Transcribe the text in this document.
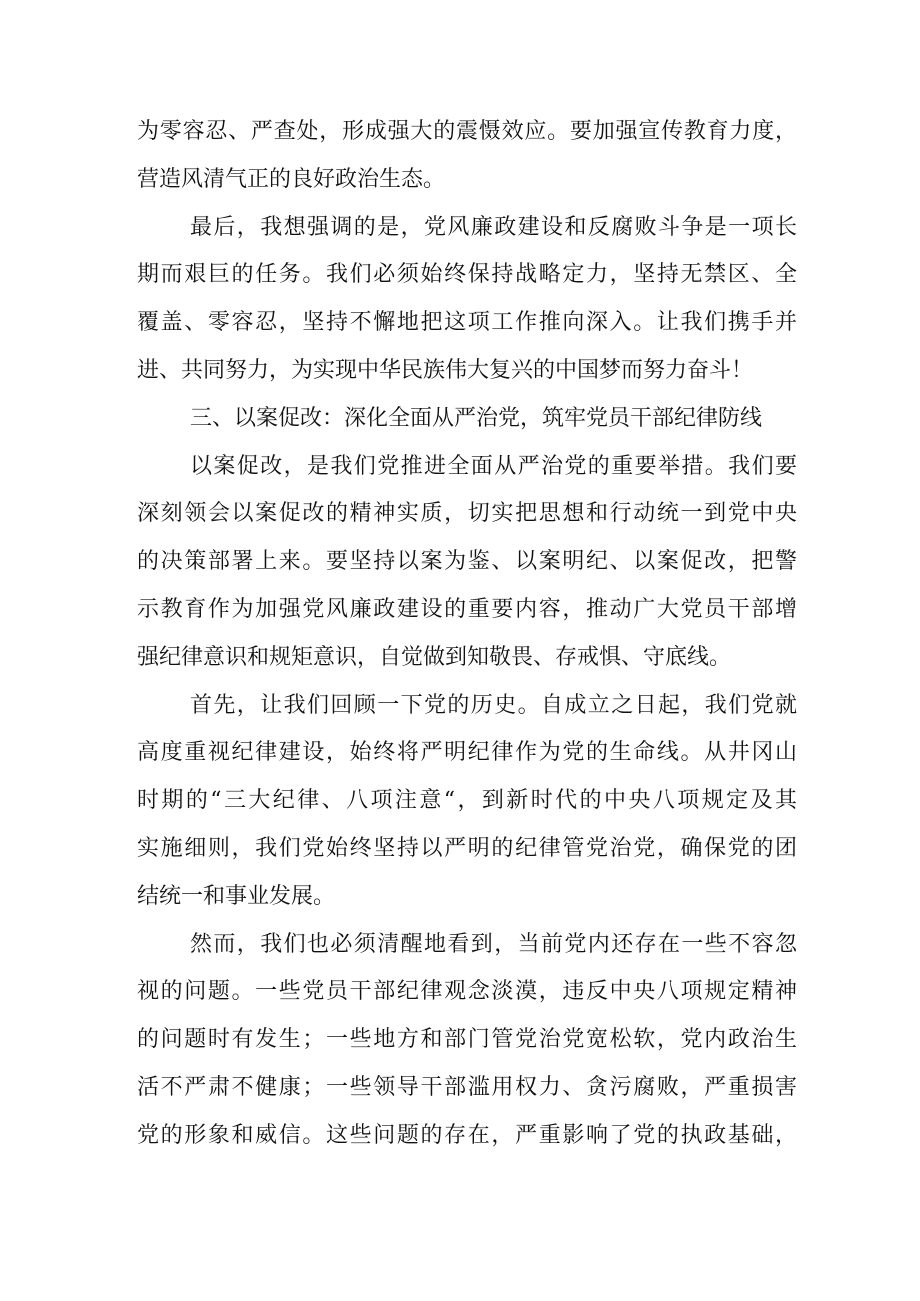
为零容忍、严查处，形成强大的震慑效应。要加强宣传教育力度，
营造风清气正的良好政治生态。
最后，我想强调的是，党风廉政建设和反腐败斗争是一项长
期而艰巨的任务。我们必须始终保持战略定力，坚持无禁区、全
覆盖、零容忍，坚持不懈地把这项工作推向深入。让我们携手并
进、共同努力，为实现中华民族伟大复兴的中国梦而努力奋斗！
三、以案促改：深化全面从严治党，筑牢党员干部纪律防线
以案促改，是我们党推进全面从严治党的重要举措。我们要
深刻领会以案促改的精神实质，切实把思想和行动统一到党中央
的决策部署上来。要坚持以案为鉴、以案明纪、以案促改，把警
示教育作为加强党风廉政建设的重要内容，推动广大党员干部增
强纪律意识和规矩意识，自觉做到知敬畏、存戒惧、守底线。
首先，让我们回顾一下党的历史。自成立之日起，我们党就
高度重视纪律建设，始终将严明纪律作为党的生命线。从井冈山
时期的“三大纪律、八项注意“，到新时代的中央八项规定及其
实施细则，我们党始终坚持以严明的纪律管党治党，确保党的团
结统一和事业发展。
然而，我们也必须清醒地看到，当前党内还存在一些不容忽
视的问题。一些党员干部纪律观念淡漠，违反中央八项规定精神
的问题时有发生；一些地方和部门管党治党宽松软，党内政治生
活不严肃不健康；一些领导干部滥用权力、贪污腐败，严重损害
党的形象和威信。这些问题的存在，严重影响了党的执政基础，
